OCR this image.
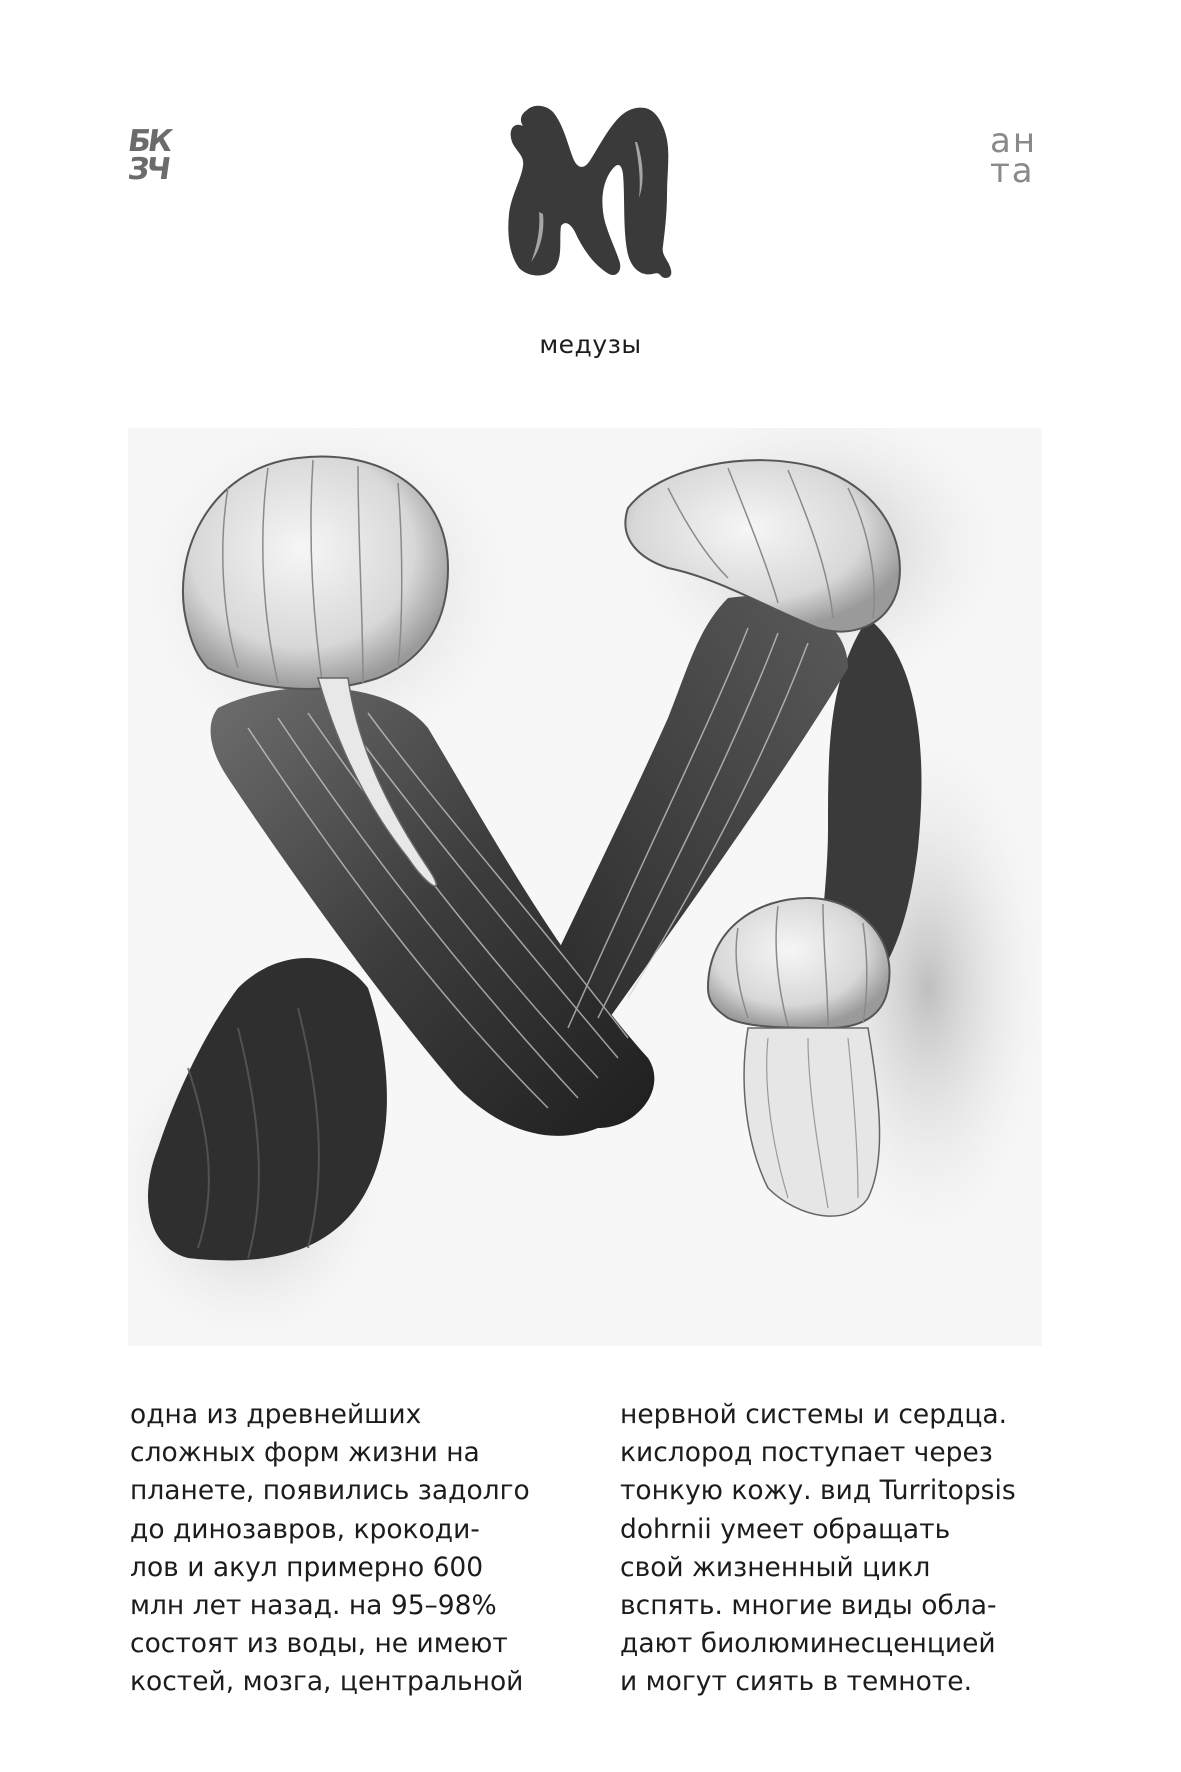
БК
ЗЧ
ан
та
медузы
одна из древнейших
сложных форм жизни на
планете, появились задолго
до динозавров, крокоди-
лов и акул примерно 600
млн лет назад. на 95–98%
состоят из воды, не имеют
костей, мозга, центральной
нервной системы и сердца.
кислород поступает через
тонкую кожу. вид Turritopsis
dohrnii умеет обращать
свой жизненный цикл
вспять. многие виды обла-
дают биолюминесценцией
и могут сиять в темноте.
